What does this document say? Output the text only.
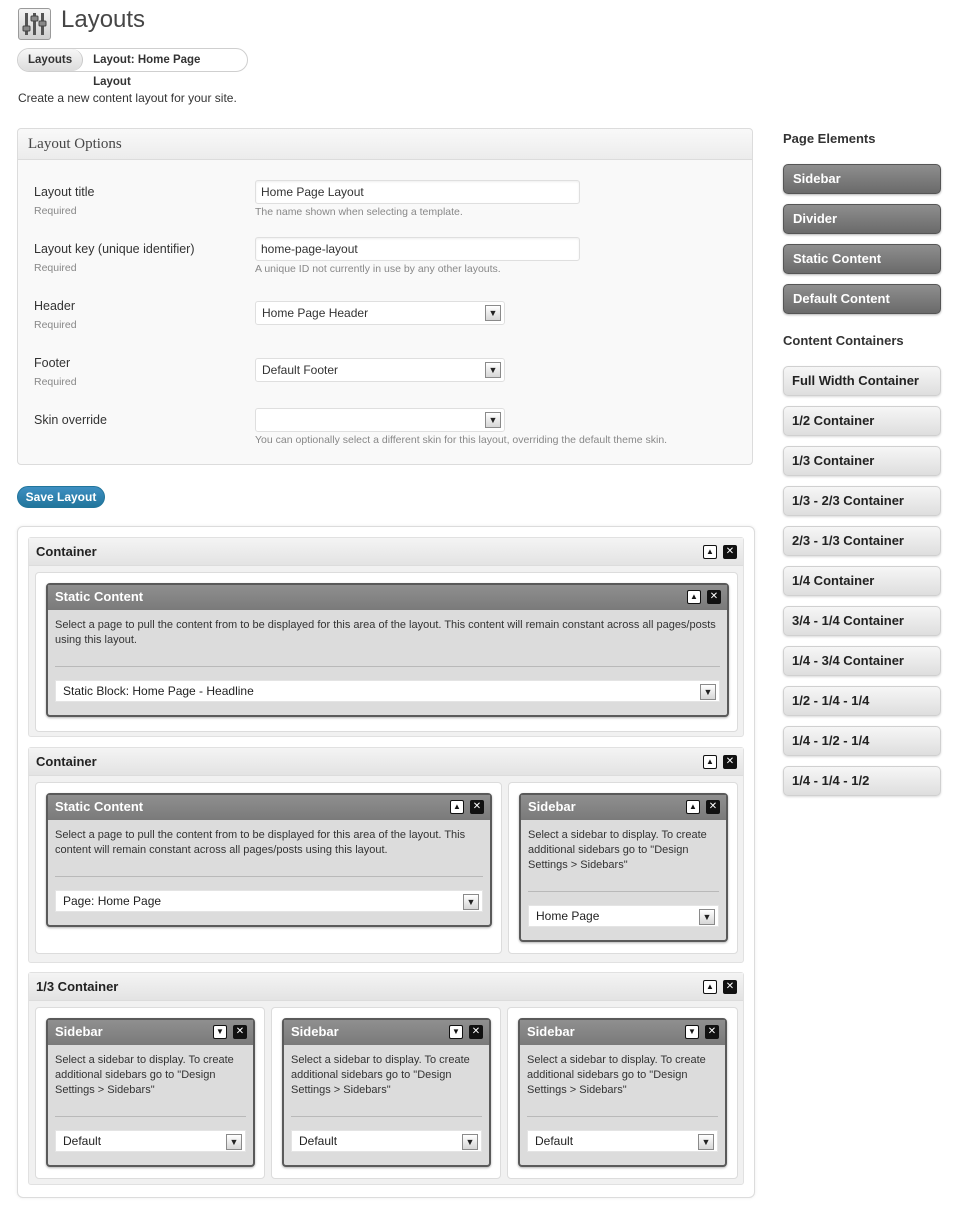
Layouts
Layouts	Layout: Home Page Layout
Create a new content layout for your site.
Layout Options
Layout title
Required
Home Page Layout	The name shown when selecting a template.
Layout key (unique identifier)
Required
home-page-layout	A unique ID not currently in use by any other layouts.
Header
Required
Home Page Header	▼
Footer
Required
Default Footer	▼
Skin override	▼
You can optionally select a different skin for this layout, overriding the default theme skin.
Save Layout
Container	▲	✕
Static Content	▲	✕
Select a page to pull the content from to be displayed for this area of the layout. This content will remain constant across all pages/posts using this layout.
Static Block: Home Page - Headline	▼
Container	▲	✕
Static Content	▲	✕
Select a page to pull the content from to be displayed for this area of the layout. This content will remain constant across all pages/posts using this layout.
Page: Home Page	▼
Sidebar	▲	✕
Select a sidebar to display. To create additional sidebars go to "Design Settings > Sidebars"
Home Page	▼
1/3 Container	▲	✕
Sidebar	▼	✕
Select a sidebar to display. To create additional sidebars go to "Design Settings > Sidebars"
Default	▼
Sidebar	▼	✕
Select a sidebar to display. To create additional sidebars go to "Design Settings > Sidebars"
Default	▼
Sidebar	▼	✕
Select a sidebar to display. To create additional sidebars go to "Design Settings > Sidebars"
Default	▼
Page Elements
Sidebar
Divider
Static Content
Default Content
Content Containers
Full Width Container
1/2 Container
1/3 Container
1/3 - 2/3 Container
2/3 - 1/3 Container
1/4 Container
3/4 - 1/4 Container
1/4 - 3/4 Container
1/2 - 1/4 - 1/4
1/4 - 1/2 - 1/4
1/4 - 1/4 - 1/2
